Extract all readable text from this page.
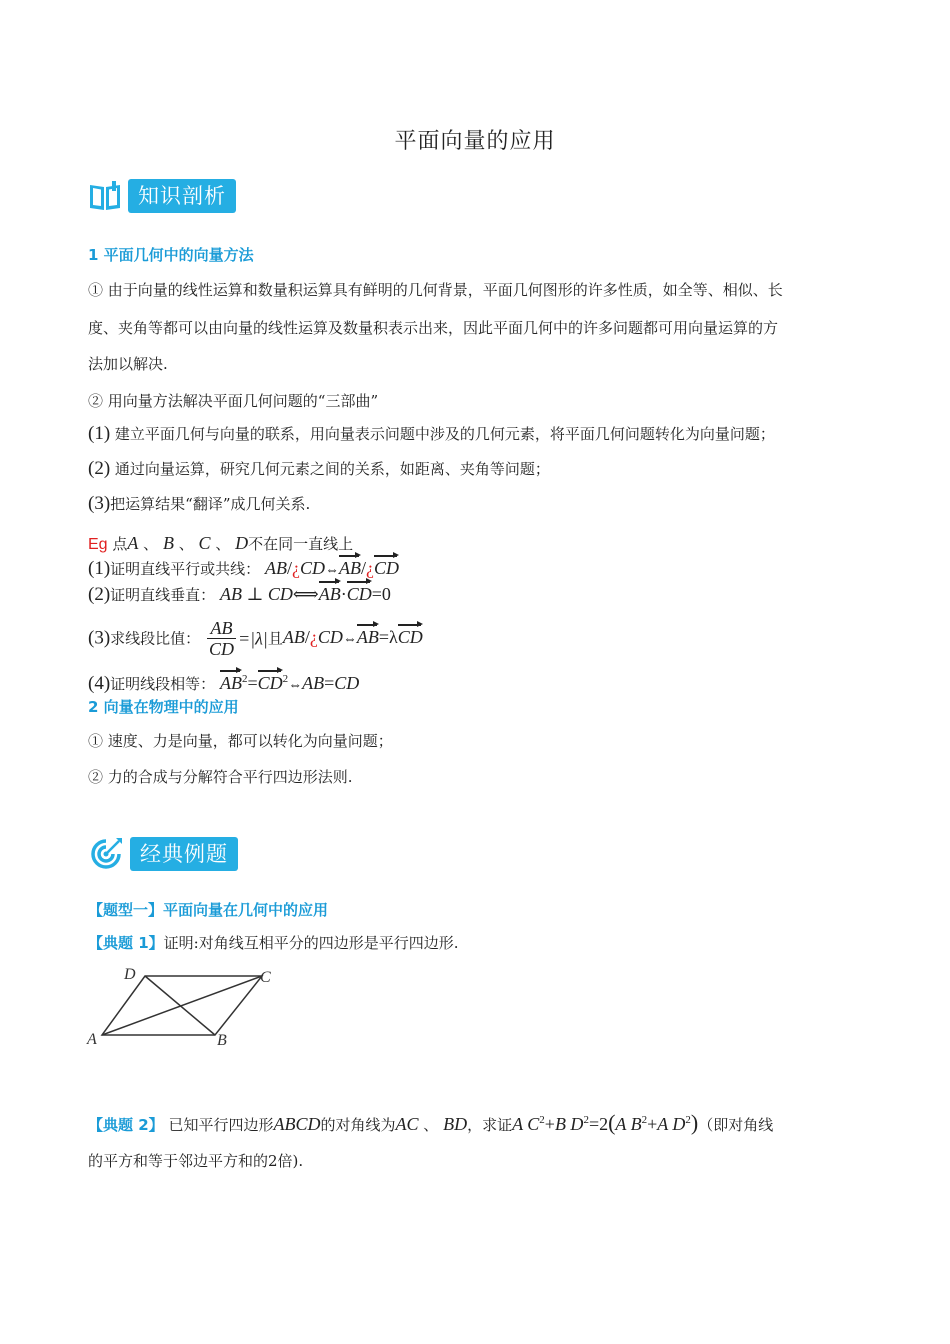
平面向量的应用
知识剖析
1 平面几何中的向量方法
① 由于向量的线性运算和数量积运算具有鲜明的几何背景，平面几何图形的许多性质，如全等、相似、长
度、夹角等都可以由向量的线性运算及数量积表示出来，因此平面几何中的许多问题都可用向量运算的方
法加以解决.
② 用向量方法解决平面几何问题的“三部曲”
(1) 建立平面几何与向量的联系，用向量表示问题中涉及的几何元素，将平面几何问题转化为向量问题；
(2) 通过向量运算，研究几何元素之间的关系，如距离、夹角等问题；
(3)把运算结果“翻译”成几何关系.
Eg 点A 、 B 、 C 、 D不在同一直线上
(1)证明直线平行或共线： AB/¿CD⇔AB/¿CD
(2)证明直线垂直： AB ⊥ CD⟺AB·CD=0
(3)求线段比值： $\frac{AB}{CD} =|\lambda|$且AB/¿CD⇔AB=λCD
(4)证明线段相等： $AB^2=CD^2\Leftrightarrow AB=CD$
2 向量在物理中的应用
① 速度、力是向量，都可以转化为向量问题；
② 力的合成与分解符合平行四边形法则.
经典例题
【题型一】平面向量在几何中的应用
【典题 1】证明:对角线互相平分的四边形是平行四边形.
A	B
C
D
【典题 2】 已知平行四边形ABCD的对角线为AC 、 BD，求证A $C^2+B$ $D^2=2(A$ $B^2+A$ $D^2$)（即对角线
的平方和等于邻边平方和的2倍).
